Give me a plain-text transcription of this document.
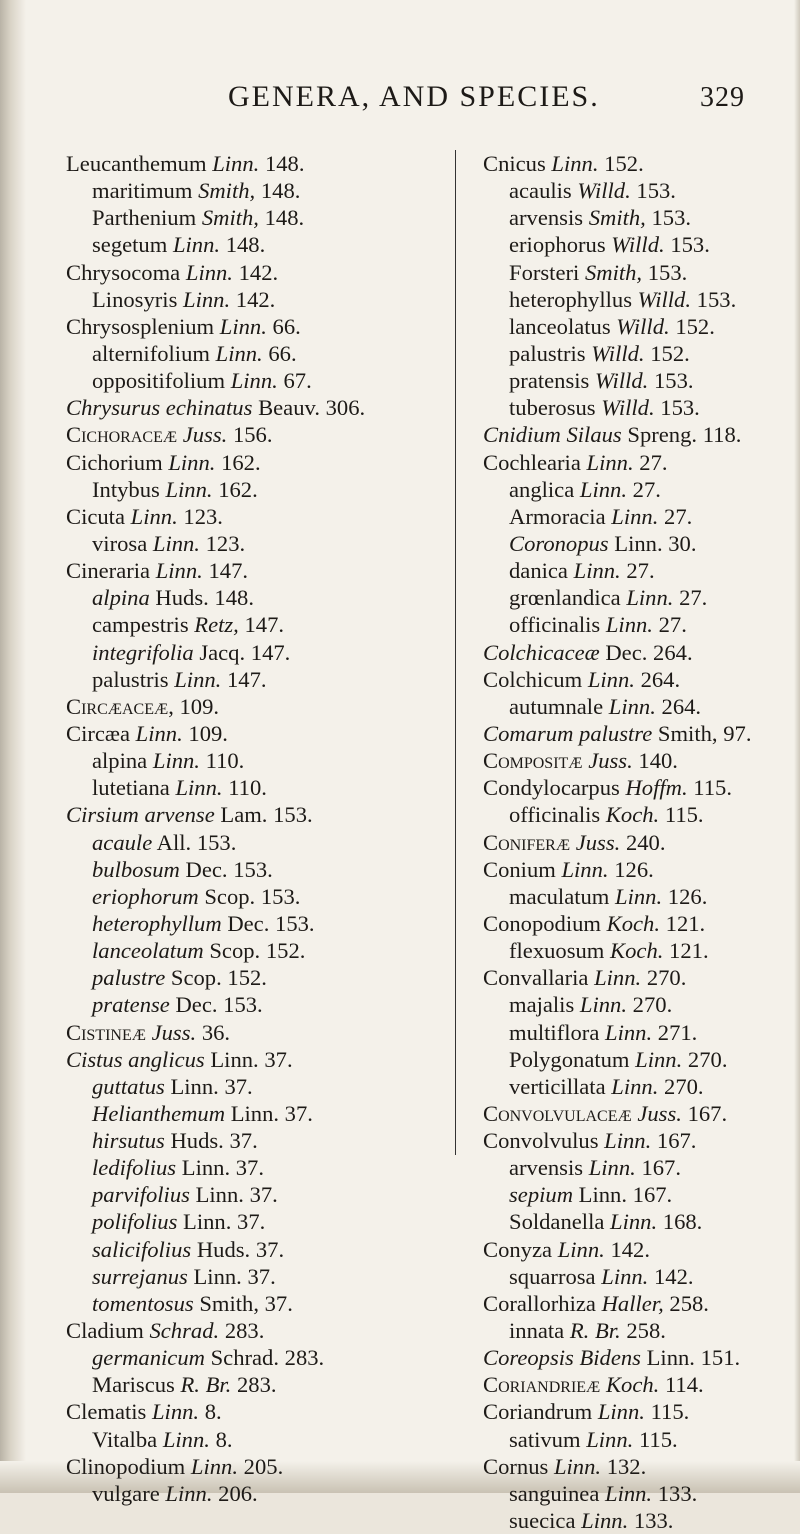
GENERA, AND SPECIES.	329
Leucanthemum Linn. 148.
maritimum Smith, 148.
Parthenium Smith, 148.
segetum Linn. 148.
Chrysocoma Linn. 142.
Linosyris Linn. 142.
Chrysosplenium Linn. 66.
alternifolium Linn. 66.
oppositifolium Linn. 67.
Chrysurus echinatus Beauv. 306.
Cichoraceæ Juss. 156.
Cichorium Linn. 162.
Intybus Linn. 162.
Cicuta Linn. 123.
virosa Linn. 123.
Cineraria Linn. 147.
alpina Huds. 148.
campestris Retz, 147.
integrifolia Jacq. 147.
palustris Linn. 147.
Circæaceæ, 109.
Circæa Linn. 109.
alpina Linn. 110.
lutetiana Linn. 110.
Cirsium arvense Lam. 153.
acaule All. 153.
bulbosum Dec. 153.
eriophorum Scop. 153.
heterophyllum Dec. 153.
lanceolatum Scop. 152.
palustre Scop. 152.
pratense Dec. 153.
Cistineæ Juss. 36.
Cistus anglicus Linn. 37.
guttatus Linn. 37.
Helianthemum Linn. 37.
hirsutus Huds. 37.
ledifolius Linn. 37.
parvifolius Linn. 37.
polifolius Linn. 37.
salicifolius Huds. 37.
surrejanus Linn. 37.
tomentosus Smith, 37.
Cladium Schrad. 283.
germanicum Schrad. 283.
Mariscus R. Br. 283.
Clematis Linn. 8.
Vitalba Linn. 8.
Clinopodium Linn. 205.
vulgare Linn. 206.
Cnicus Linn. 152.
acaulis Willd. 153.
arvensis Smith, 153.
eriophorus Willd. 153.
Forsteri Smith, 153.
heterophyllus Willd. 153.
lanceolatus Willd. 152.
palustris Willd. 152.
pratensis Willd. 153.
tuberosus Willd. 153.
Cnidium Silaus Spreng. 118.
Cochlearia Linn. 27.
anglica Linn. 27.
Armoracia Linn. 27.
Coronopus Linn. 30.
danica Linn. 27.
grœnlandica Linn. 27.
officinalis Linn. 27.
Colchicaceæ Dec. 264.
Colchicum Linn. 264.
autumnale Linn. 264.
Comarum palustre Smith, 97.
Compositæ Juss. 140.
Condylocarpus Hoffm. 115.
officinalis Koch. 115.
Coniferæ Juss. 240.
Conium Linn. 126.
maculatum Linn. 126.
Conopodium Koch. 121.
flexuosum Koch. 121.
Convallaria Linn. 270.
majalis Linn. 270.
multiflora Linn. 271.
Polygonatum Linn. 270.
verticillata Linn. 270.
Convolvulaceæ Juss. 167.
Convolvulus Linn. 167.
arvensis Linn. 167.
sepium Linn. 167.
Soldanella Linn. 168.
Conyza Linn. 142.
squarrosa Linn. 142.
Corallorhiza Haller, 258.
innata R. Br. 258.
Coreopsis Bidens Linn. 151.
Coriandrieæ Koch. 114.
Coriandrum Linn. 115.
sativum Linn. 115.
Cornus Linn. 132.
sanguinea Linn. 133.
suecica Linn. 133.
